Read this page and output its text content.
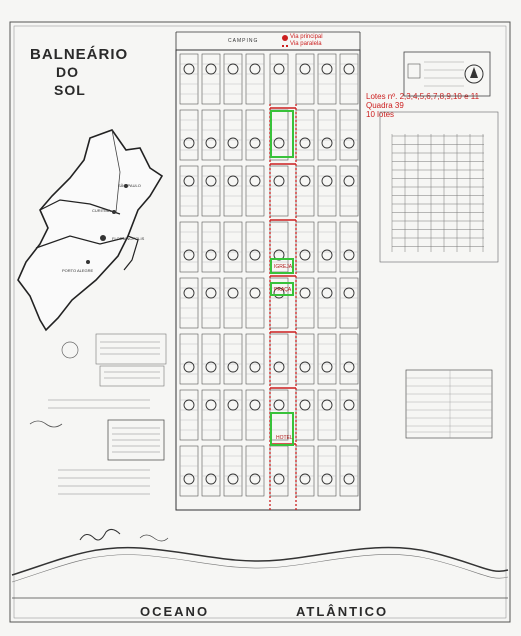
BALNEÁRIO
DO
SOL
SÃO PAULO
CURITIBA
FLORIANÓPOLIS
PORTO ALEGRE
CAMPING
Via principal
Via paralela
Lotes nº. 2,3,4,5,6,7,8,9,10 e 11
Quadra 39
10 lotes
IGREJA
PRAÇA
HOTEL
OCEANO	ATLÂNTICO
